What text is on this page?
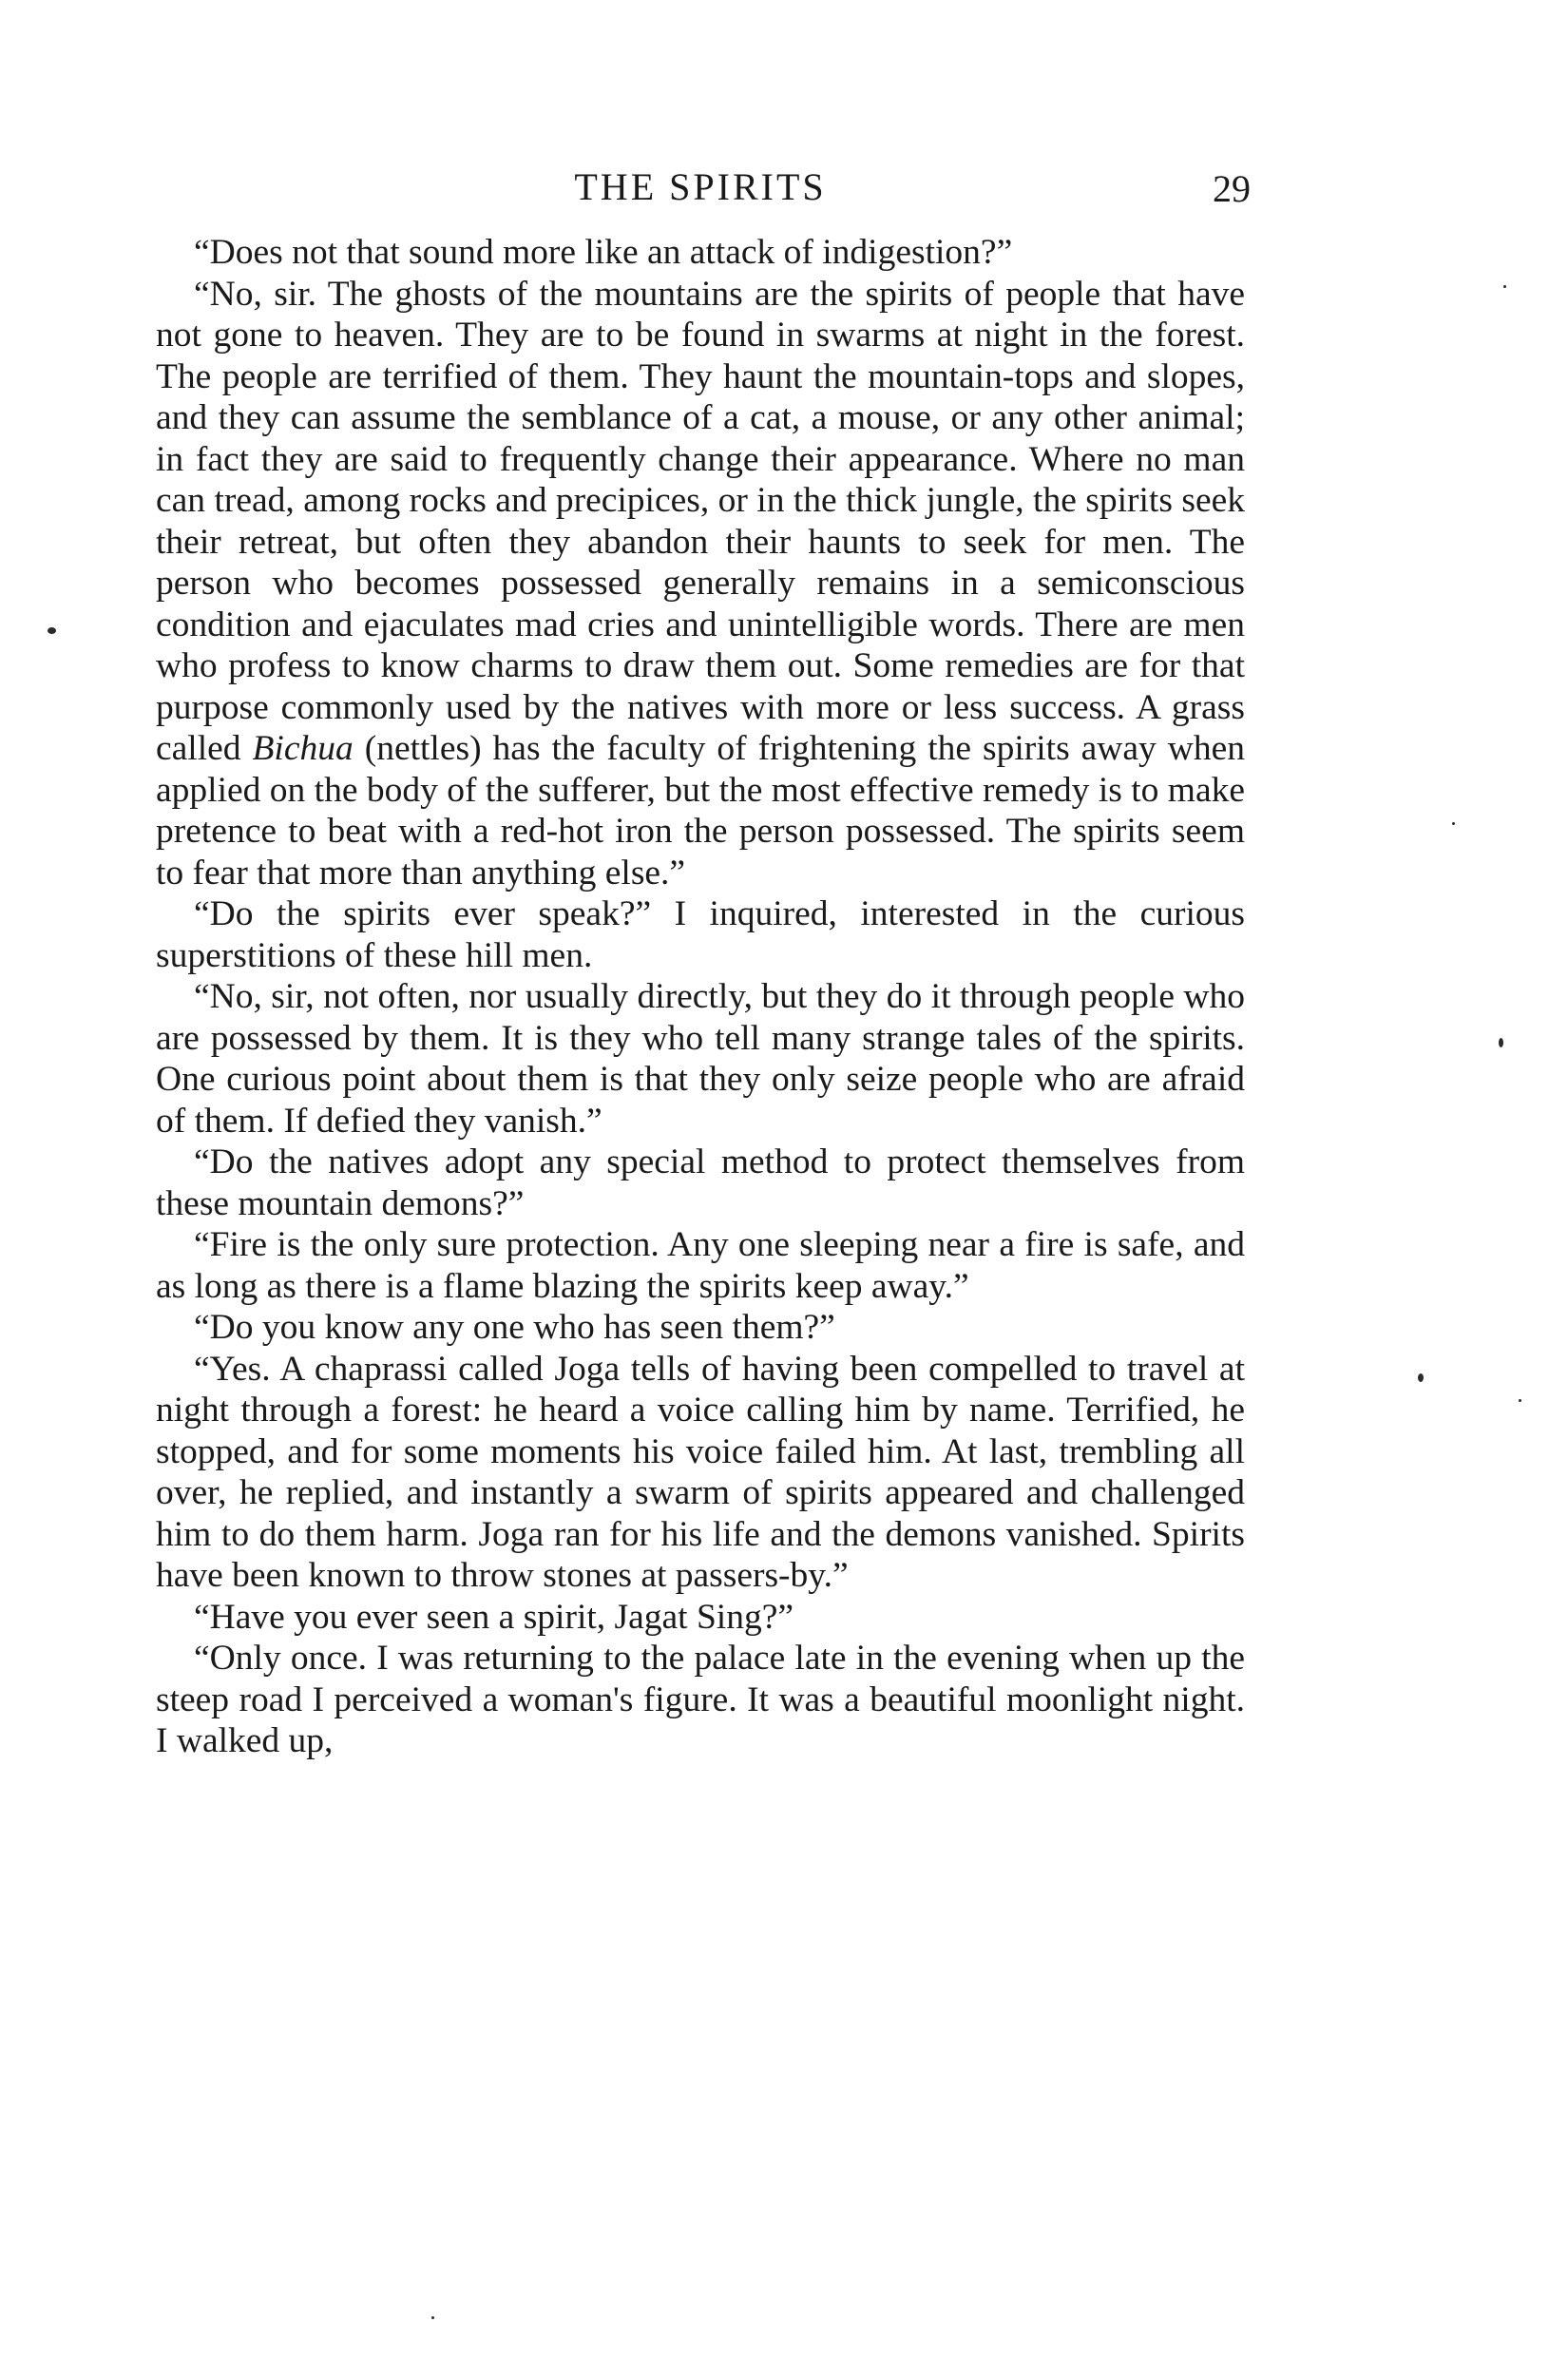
THE SPIRITS	29

“Does not that sound more like an attack of indigestion?”

“No, sir. The ghosts of the mountains are the spirits of people that have not gone to heaven. They are to be found in swarms at night in the forest. The people are terrified of them. They haunt the mountain-tops and slopes, and they can assume the semblance of a cat, a mouse, or any other animal; in fact they are said to frequently change their appearance. Where no man can tread, among rocks and precipices, or in the thick jungle, the spirits seek their retreat, but often they abandon their haunts to seek for men. The person who becomes possessed generally remains in a semiconscious condition and ejaculates mad cries and unintelligible words. There are men who profess to know charms to draw them out. Some remedies are for that purpose commonly used by the natives with more or less success. A grass called Bichua (nettles) has the faculty of frightening the spirits away when applied on the body of the sufferer, but the most effective remedy is to make pretence to beat with a red-hot iron the person possessed. The spirits seem to fear that more than anything else.”

“Do the spirits ever speak?” I inquired, interested in the curious superstitions of these hill men.

“No, sir, not often, nor usually directly, but they do it through people who are possessed by them. It is they who tell many strange tales of the spirits. One curious point about them is that they only seize people who are afraid of them. If defied they vanish.”

“Do the natives adopt any special method to protect themselves from these mountain demons?”

“Fire is the only sure protection. Any one sleeping near a fire is safe, and as long as there is a flame blazing the spirits keep away.”

“Do you know any one who has seen them?”

“Yes. A chaprassi called Joga tells of having been compelled to travel at night through a forest: he heard a voice calling him by name. Terrified, he stopped, and for some moments his voice failed him. At last, trembling all over, he replied, and instantly a swarm of spirits appeared and challenged him to do them harm. Joga ran for his life and the demons vanished. Spirits have been known to throw stones at passers-by.”

“Have you ever seen a spirit, Jagat Sing?”

“Only once. I was returning to the palace late in the evening when up the steep road I perceived a woman's figure. It was a beautiful moonlight night. I walked up,
